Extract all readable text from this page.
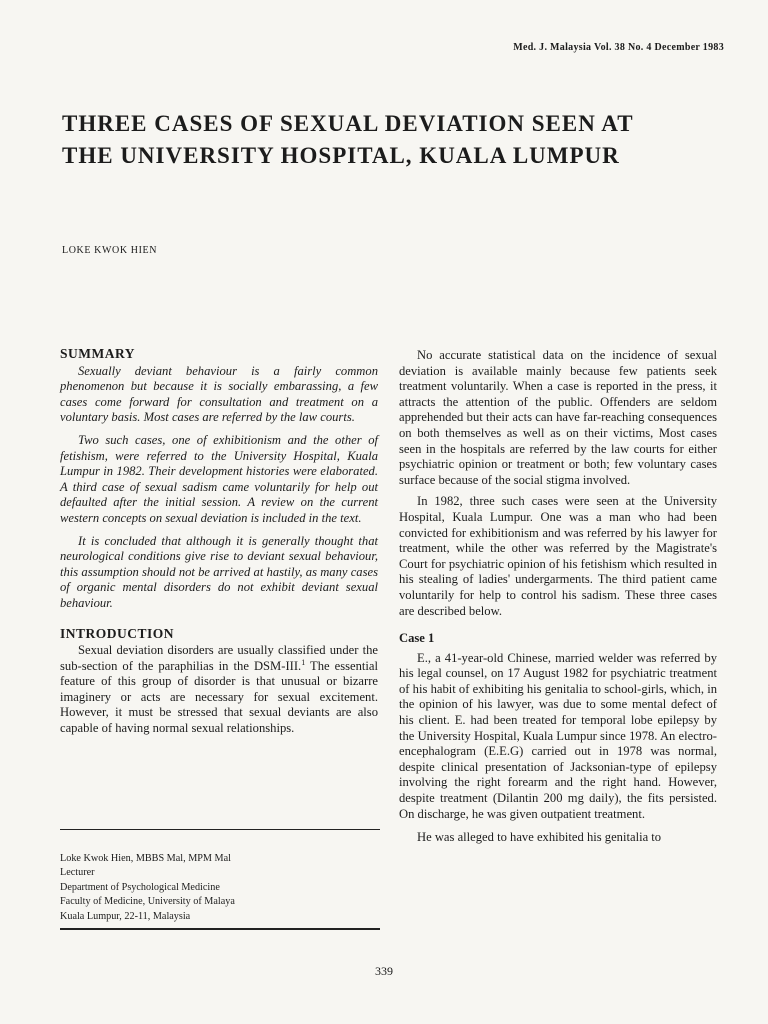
Med. J. Malaysia Vol. 38 No. 4 December 1983
THREE CASES OF SEXUAL DEVIATION SEEN AT
THE UNIVERSITY HOSPITAL, KUALA LUMPUR
LOKE KWOK HIEN
SUMMARY

Sexually deviant behaviour is a fairly common phenomenon but because it is socially embarassing, a few cases come forward for consultation and treatment on a voluntary basis. Most cases are referred by the law courts.

Two such cases, one of exhibitionism and the other of fetishism, were referred to the University Hospital, Kuala Lumpur in 1982. Their development histories were elaborated. A third case of sexual sadism came voluntarily for help out defaulted after the initial session. A review on the current western concepts on sexual deviation is included in the text.

It is concluded that although it is generally thought that neurological conditions give rise to deviant sexual behaviour, this assumption should not be arrived at hastily, as many cases of organic mental disorders do not exhibit deviant sexual behaviour.

INTRODUCTION

Sexual deviation disorders are usually classified under the sub-section of the paraphilias in the DSM-III.$^1$ The essential feature of this group of disorder is that unusual or bizarre imaginery or acts are necessary for sexual excitement. However, it must be stressed that sexual deviants are also capable of having normal sexual relationships.

Loke Kwok Hien, MBBS Mal, MPM Mal
Lecturer
Department of Psychological Medicine
Faculty of Medicine, University of Malaya
Kuala Lumpur, 22-11, Malaysia

No accurate statistical data on the incidence of sexual deviation is available mainly because few patients seek treatment voluntarily. When a case is reported in the press, it attracts the attention of the public. Offenders are seldom apprehended but their acts can have far-reaching consequences on both themselves as well as on their victims, Most cases seen in the hospitals are referred by the law courts for either psychiatric opinion or treatment or both; few voluntary cases surface because of the social stigma involved.

In 1982, three such cases were seen at the University Hospital, Kuala Lumpur. One was a man who had been convicted for exhibitionism and was referred by his lawyer for treatment, while the other was referred by the Magistrate's Court for psychiatric opinion of his fetishism which resulted in his stealing of ladies' undergarments. The third patient came voluntarily for help to control his sadism. These three cases are described below.

Case 1

E., a 41-year-old Chinese, married welder was referred by his legal counsel, on 17 August 1982 for psychiatric treatment of his habit of exhibiting his genitalia to school-girls, which, in the opinion of his lawyer, was due to some mental defect of his client. E. had been treated for temporal lobe epilepsy by the University Hospital, Kuala Lumpur since 1978. An electro-encephalogram (E.E.G) carried out in 1978 was normal, despite clinical presentation of Jacksonian-type of epilepsy involving the right forearm and the right hand. However, despite treatment (Dilantin 200 mg daily), the fits persisted. On discharge, he was given outpatient treatment.

He was alleged to have exhibited his genitalia to

339
